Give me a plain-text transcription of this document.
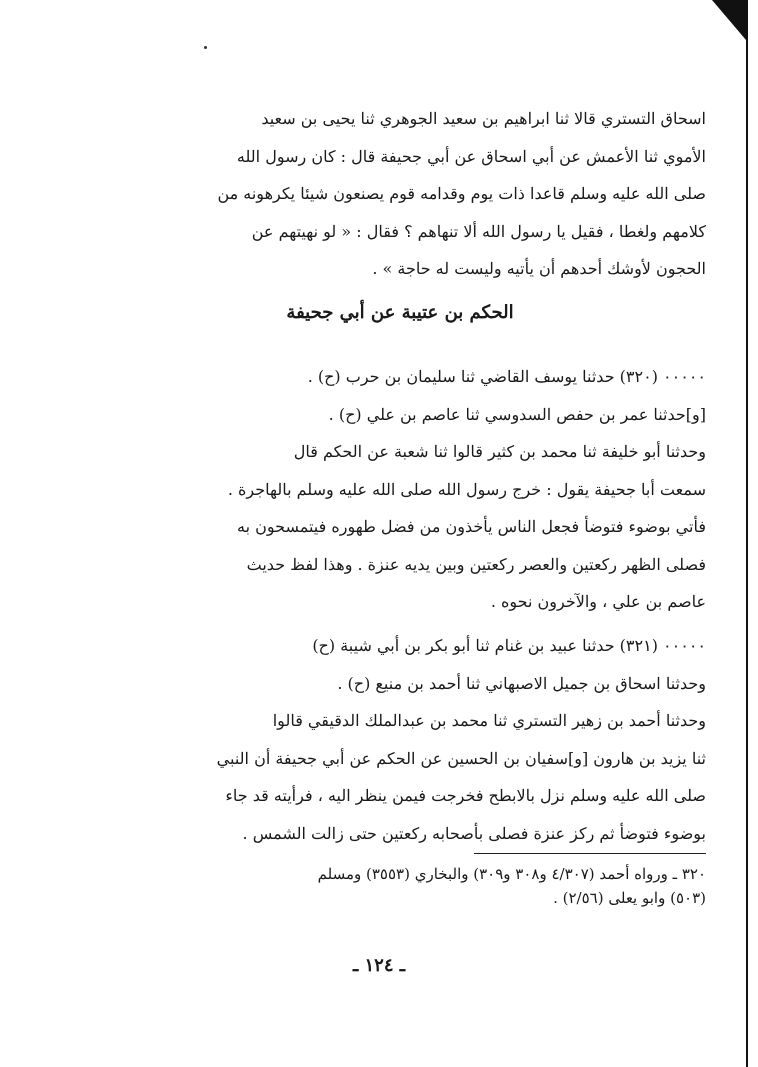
اسحاق التستري قالا ثنا ابراهيم بن سعيد الجوهري ثنا يحيى بن سعيد
الأموي ثنا الأعمش عن أبي اسحاق عن أبي جحيفة قال : كان رسول الله
صلى الله عليه وسلم قاعدا ذات يوم وقدامه قوم يصنعون شيئا يكرهونه من
كلامهم ولغطا ، فقيل يا رسول الله ألا تنهاهم ؟ فقال : « لو نهيتهم عن
الحجون لأوشك أحدهم أن يأتيه وليست له حاجة » .
الحكم بن عتيبة عن أبي جحيفة
٠٠٠٠٠ (٣٢٠) حدثنا يوسف القاضي ثنا سليمان بن حرب (ح) .
[و]حدثنا عمر بن حفص السدوسي ثنا عاصم بن علي (ح) .
وحدثنا أبو خليفة ثنا محمد بن كثير قالوا ثنا شعبة عن الحكم قال
سمعت أبا جحيفة يقول : خرج رسول الله صلى الله عليه وسلم بالهاجرة .
فأتي بوضوء فتوضأ فجعل الناس يأخذون من فضل طهوره فيتمسحون به
فصلى الظهر ركعتين والعصر ركعتين وبين يديه عنزة . وهذا لفظ حديث
عاصم بن علي ، والآخرون نحوه .
٠٠٠٠٠ (٣٢١) حدثنا عبيد بن غنام ثنا أبو بكر بن أبي شيبة (ح)
وحدثنا اسحاق بن جميل الاصبهاني ثنا أحمد بن منيع (ح) .
وحدثنا أحمد بن زهير التستري ثنا محمد بن عبدالملك الدقيقي قالوا
ثنا يزيد بن هارون [و]سفيان بن الحسين عن الحكم عن أبي جحيفة أن النبي
صلى الله عليه وسلم نزل بالابطح فخرجت فيمن ينظر اليه ، فرأيته قد جاء
بوضوء فتوضأ ثم ركز عنزة فصلى بأصحابه ركعتين حتى زالت الشمس .
٣٢٠ ـ ورواه أحمد (٤/٣٠٧ و٣٠٨ و٣٠٩) والبخاري (٣٥٥٣) ومسلم
(٥٠٣) وابو يعلى (٢/٥٦) .
ـ ١٢٤ ـ
